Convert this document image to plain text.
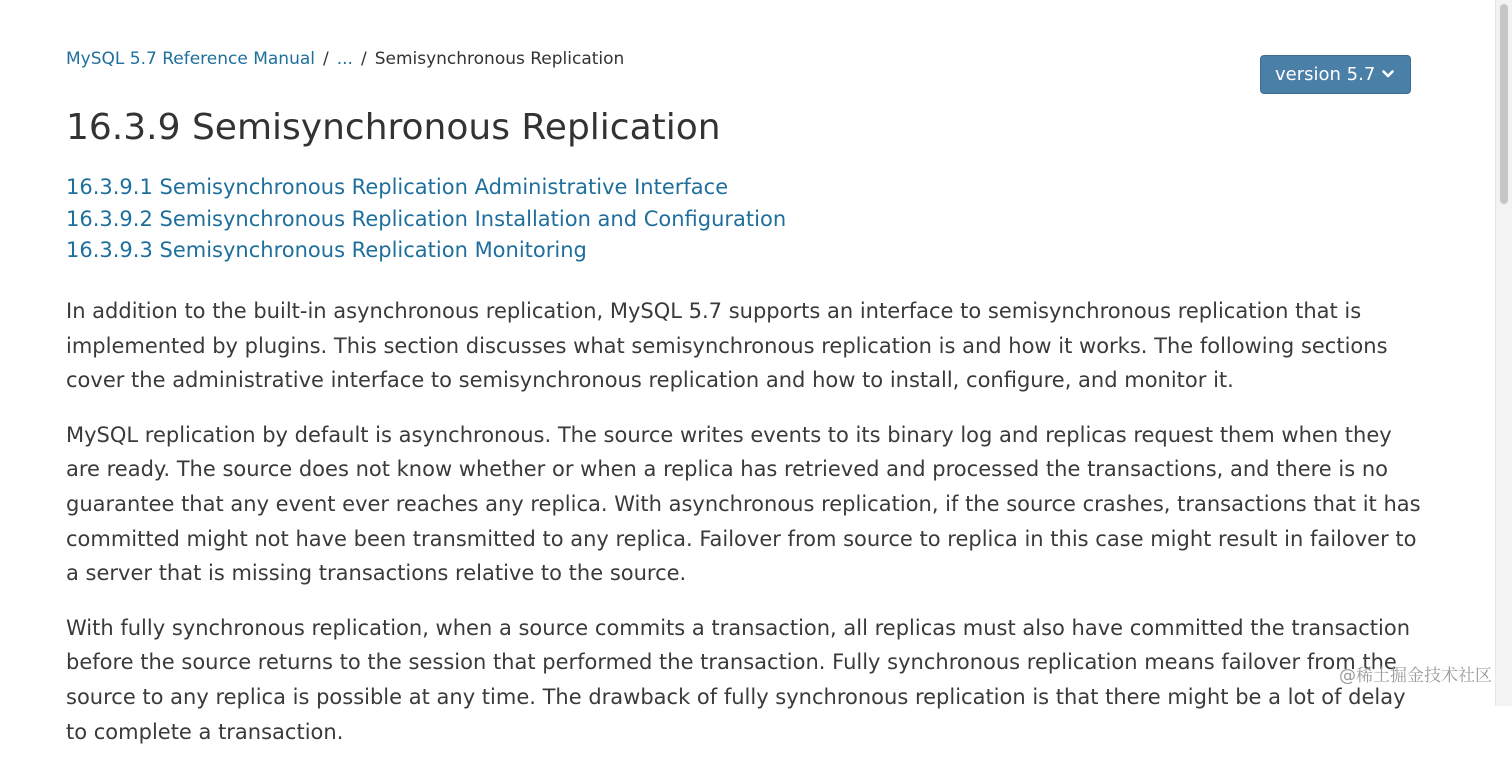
MySQL 5.7 Reference Manual / ... / Semisynchronous Replication
version 5.7
16.3.9 Semisynchronous Replication
16.3.9.1 Semisynchronous Replication Administrative Interface
16.3.9.2 Semisynchronous Replication Installation and Configuration
16.3.9.3 Semisynchronous Replication Monitoring

In addition to the built-in asynchronous replication, MySQL 5.7 supports an interface to semisynchronous replication that is implemented by plugins. This section discusses what semisynchronous replication is and how it works. The following sections cover the administrative interface to semisynchronous replication and how to install, configure, and monitor it.

MySQL replication by default is asynchronous. The source writes events to its binary log and replicas request them when they are ready. The source does not know whether or when a replica has retrieved and processed the transactions, and there is no guarantee that any event ever reaches any replica. With asynchronous replication, if the source crashes, transactions that it has committed might not have been transmitted to any replica. Failover from source to replica in this case might result in failover to a server that is missing transactions relative to the source.

With fully synchronous replication, when a source commits a transaction, all replicas must also have committed the transaction before the source returns to the session that performed the transaction. Fully synchronous replication means failover from the source to any replica is possible at any time. The drawback of fully synchronous replication is that there might be a lot of delay to complete a transaction.

@稀土掘金技术社区
